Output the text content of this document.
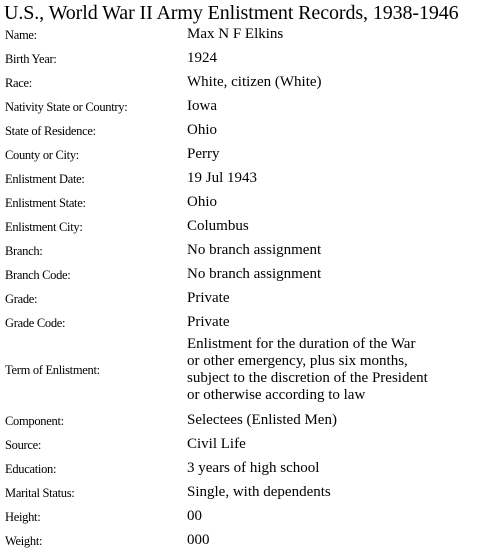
U.S., World War II Army Enlistment Records, 1938-1946
Name:	Max N F Elkins
Birth Year:	1924
Race:	White, citizen (White)
Nativity State or Country:	Iowa
State of Residence:	Ohio
County or City:	Perry
Enlistment Date:	19 Jul 1943
Enlistment State:	Ohio
Enlistment City:	Columbus
Branch:	No branch assignment
Branch Code:	No branch assignment
Grade:	Private
Grade Code:	Private
Term of Enlistment:
Enlistment for the duration of the War
or other emergency, plus six months,
subject to the discretion of the President
or otherwise according to law
Component:	Selectees (Enlisted Men)
Source:	Civil Life
Education:	3 years of high school
Marital Status:	Single, with dependents
Height:	00
Weight:	000
